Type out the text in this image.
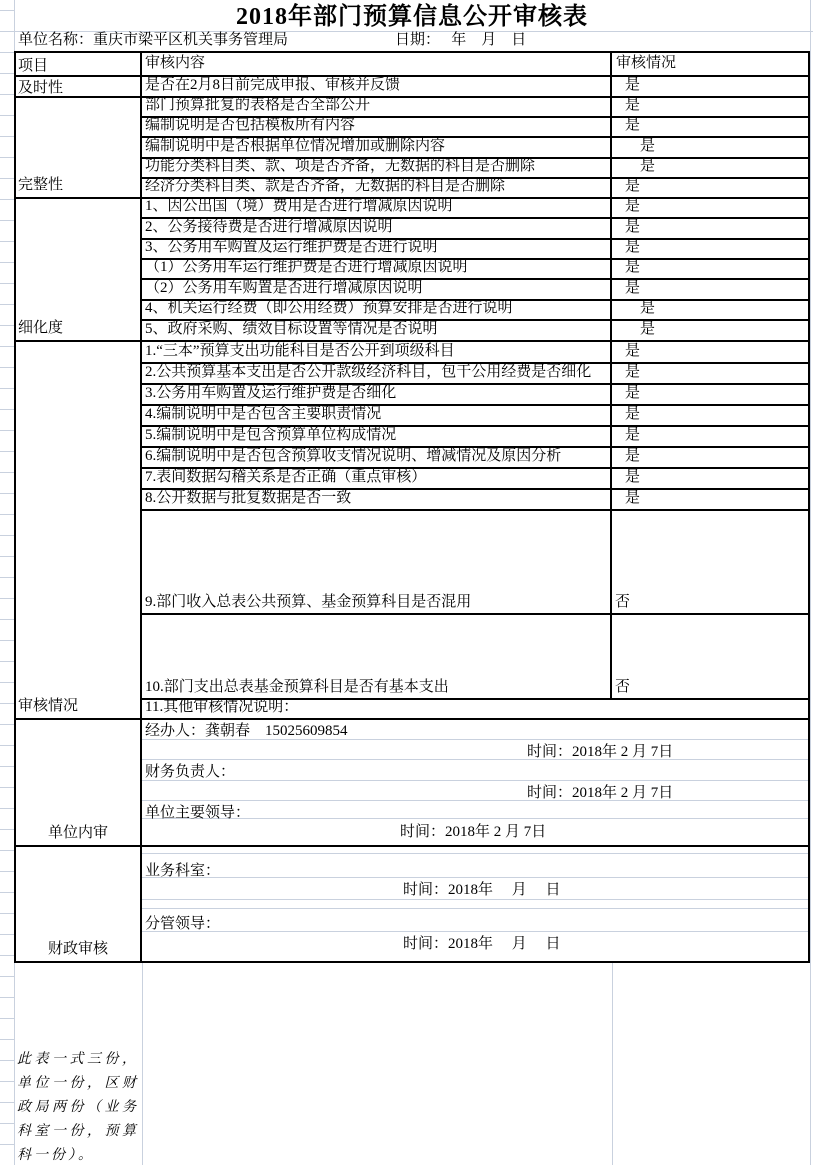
2018年部门预算信息公开审核表
单位名称：重庆市梁平区机关事务管理局	日期：　 年　月　日
项目	审核内容	审核情况
及时性	是否在2月8日前完成申报、审核并反馈	是
完整性
部门预算批复的表格是否全部公开	是
编制说明是否包括模板所有内容	是
编制说明中是否根据单位情况增加或删除内容	是
功能分类科目类、款、项是否齐备，无数据的科目是否删除	是
经济分类科目类、款是否齐备，无数据的科目是否删除	是
细化度
1、因公出国（境）费用是否进行增减原因说明	是
2、公务接待费是否进行增减原因说明	是
3、公务用车购置及运行维护费是否进行说明	是
（1）公务用车运行维护费是否进行增减原因说明	是
（2）公务用车购置是否进行增减原因说明	是
4、机关运行经费（即公用经费）预算安排是否进行说明	是
5、政府采购、绩效目标设置等情况是否说明	是
审核情况
1.“三本”预算支出功能科目是否公开到项级科目	是
2.公共预算基本支出是否公开款级经济科目，包干公用经费是否细化	是
3.公务用车购置及运行维护费是否细化	是
4.编制说明中是否包含主要职责情况	是
5.编制说明中是包含预算单位构成情况	是
6.编制说明中是否包含预算收支情况说明、增减情况及原因分析	是
7.表间数据勾稽关系是否正确（重点审核）	是
8.公开数据与批复数据是否一致	是
9.部门收入总表公共预算、基金预算科目是否混用	否
10.部门支出总表基金预算科目是否有基本支出	否
11.其他审核情况说明：
单位内审
经办人：龚朝春　15025609854
时间：2018年 2 月 7日
财务负责人：
时间：2018年 2 月 7日
单位主要领导：
时间：2018年 2 月 7日
财政审核
业务科室：
时间：2018年　 月　 日
分管领导：
时间：2018年　 月　 日
此表一式三份，单位一份，区财政局两份（业务科室一份，预算科一份）。
